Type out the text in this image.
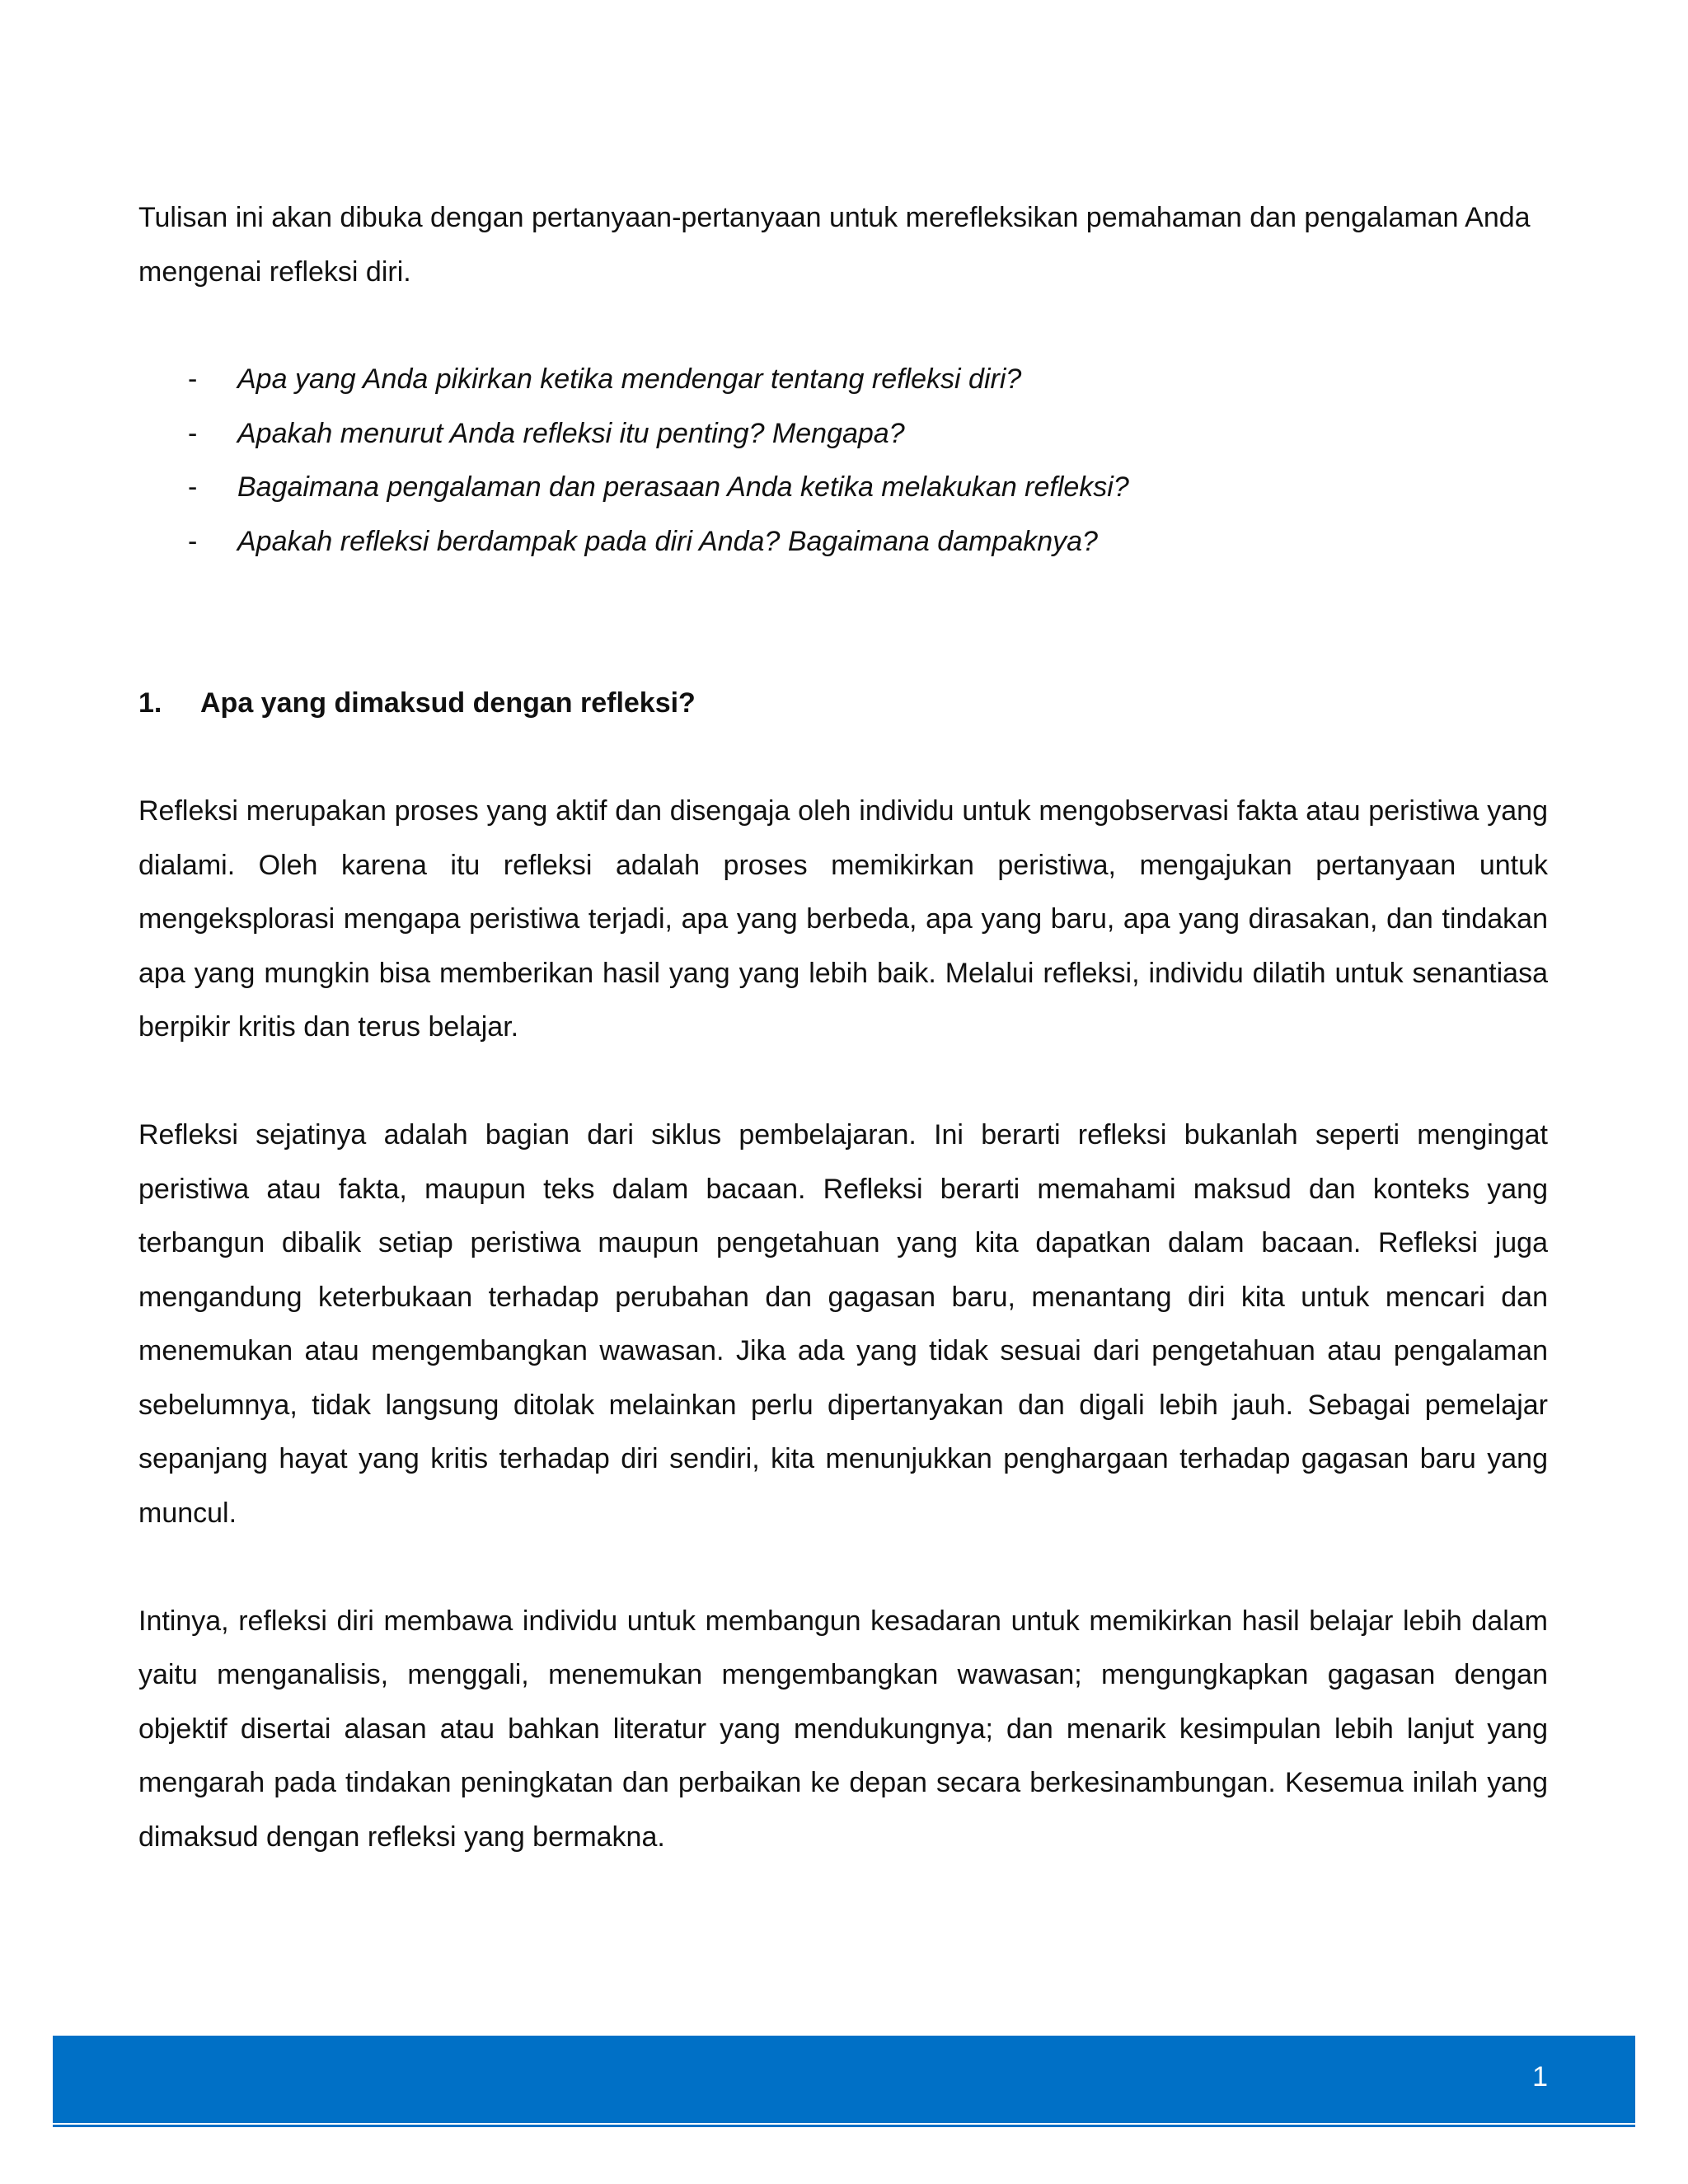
Tulisan ini akan dibuka dengan pertanyaan-pertanyaan untuk merefleksikan pemahaman dan pengalaman Anda mengenai refleksi diri.

- Apa yang Anda pikirkan ketika mendengar tentang refleksi diri?
- Apakah menurut Anda refleksi itu penting? Mengapa?
- Bagaimana pengalaman dan perasaan Anda ketika melakukan refleksi?
- Apakah refleksi berdampak pada diri Anda? Bagaimana dampaknya?
1.	Apa yang dimaksud dengan refleksi?

Refleksi merupakan proses yang aktif dan disengaja oleh individu untuk mengobservasi fakta atau peristiwa yang dialami. Oleh karena itu refleksi adalah proses memikirkan peristiwa, mengajukan pertanyaan untuk mengeksplorasi mengapa peristiwa terjadi, apa yang berbeda, apa yang baru, apa yang dirasakan, dan tindakan apa yang mungkin bisa memberikan hasil yang yang lebih baik. Melalui refleksi, individu dilatih untuk senantiasa berpikir kritis dan terus belajar.

Refleksi sejatinya adalah bagian dari siklus pembelajaran. Ini berarti refleksi bukanlah seperti mengingat peristiwa atau fakta, maupun teks dalam bacaan. Refleksi berarti memahami maksud dan konteks yang terbangun dibalik setiap peristiwa maupun pengetahuan yang kita dapatkan dalam bacaan. Refleksi juga mengandung keterbukaan terhadap perubahan dan gagasan baru, menantang diri kita untuk mencari dan menemukan atau mengembangkan wawasan. Jika ada yang tidak sesuai dari pengetahuan atau pengalaman sebelumnya, tidak langsung ditolak melainkan perlu dipertanyakan dan digali lebih jauh. Sebagai pemelajar sepanjang hayat yang kritis terhadap diri sendiri, kita menunjukkan penghargaan terhadap gagasan baru yang muncul.

Intinya, refleksi diri membawa individu untuk membangun kesadaran untuk memikirkan hasil belajar lebih dalam yaitu menganalisis, menggali, menemukan mengembangkan wawasan; mengungkapkan gagasan dengan objektif disertai alasan atau bahkan literatur yang mendukungnya; dan menarik kesimpulan lebih lanjut yang mengarah pada tindakan peningkatan dan perbaikan ke depan secara berkesinambungan. Kesemua inilah yang dimaksud dengan refleksi yang bermakna.

1
